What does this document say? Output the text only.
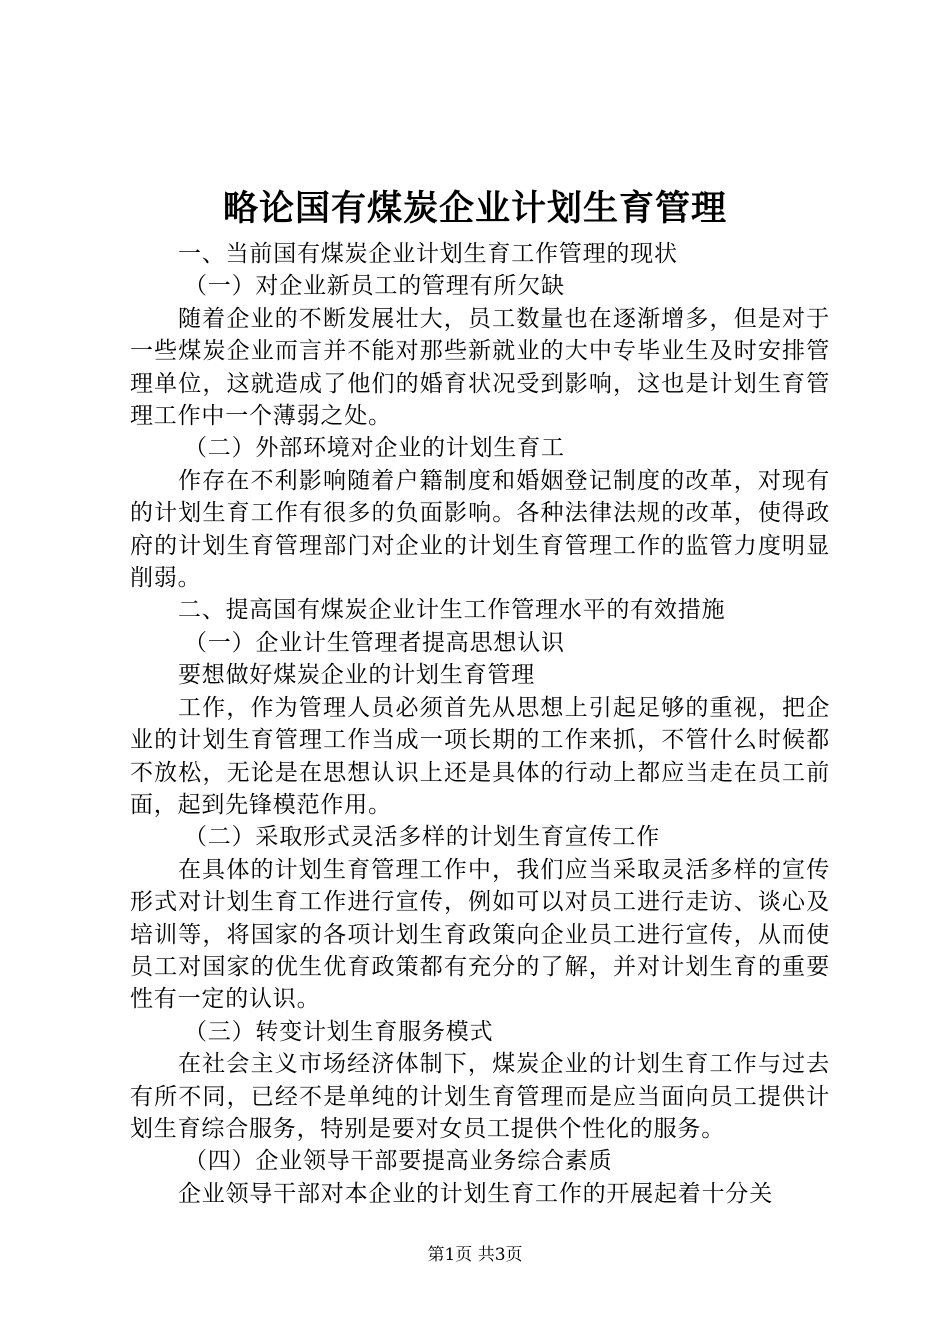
略论国有煤炭企业计划生育管理

一、当前国有煤炭企业计划生育工作管理的现状

（一）对企业新员工的管理有所欠缺

随着企业的不断发展壮大，员工数量也在逐渐增多，但是对于一些煤炭企业而言并不能对那些新就业的大中专毕业生及时安排管理单位，这就造成了他们的婚育状况受到影响，这也是计划生育管理工作中一个薄弱之处。

（二）外部环境对企业的计划生育工

作存在不利影响随着户籍制度和婚姻登记制度的改革，对现有的计划生育工作有很多的负面影响。各种法律法规的改革，使得政府的计划生育管理部门对企业的计划生育管理工作的监管力度明显削弱。

二、提高国有煤炭企业计生工作管理水平的有效措施

（一）企业计生管理者提高思想认识

要想做好煤炭企业的计划生育管理

工作，作为管理人员必须首先从思想上引起足够的重视，把企业的计划生育管理工作当成一项长期的工作来抓，不管什么时候都不放松，无论是在思想认识上还是具体的行动上都应当走在员工前面，起到先锋模范作用。

（二）采取形式灵活多样的计划生育宣传工作

在具体的计划生育管理工作中，我们应当采取灵活多样的宣传形式对计划生育工作进行宣传，例如可以对员工进行走访、谈心及培训等，将国家的各项计划生育政策向企业员工进行宣传，从而使员工对国家的优生优育政策都有充分的了解，并对计划生育的重要性有一定的认识。

（三）转变计划生育服务模式

在社会主义市场经济体制下，煤炭企业的计划生育工作与过去有所不同，已经不是单纯的计划生育管理而是应当面向员工提供计划生育综合服务，特别是要对女员工提供个性化的服务。

（四）企业领导干部要提高业务综合素质

企业领导干部对本企业的计划生育工作的开展起着十分关

第1页 共3页
